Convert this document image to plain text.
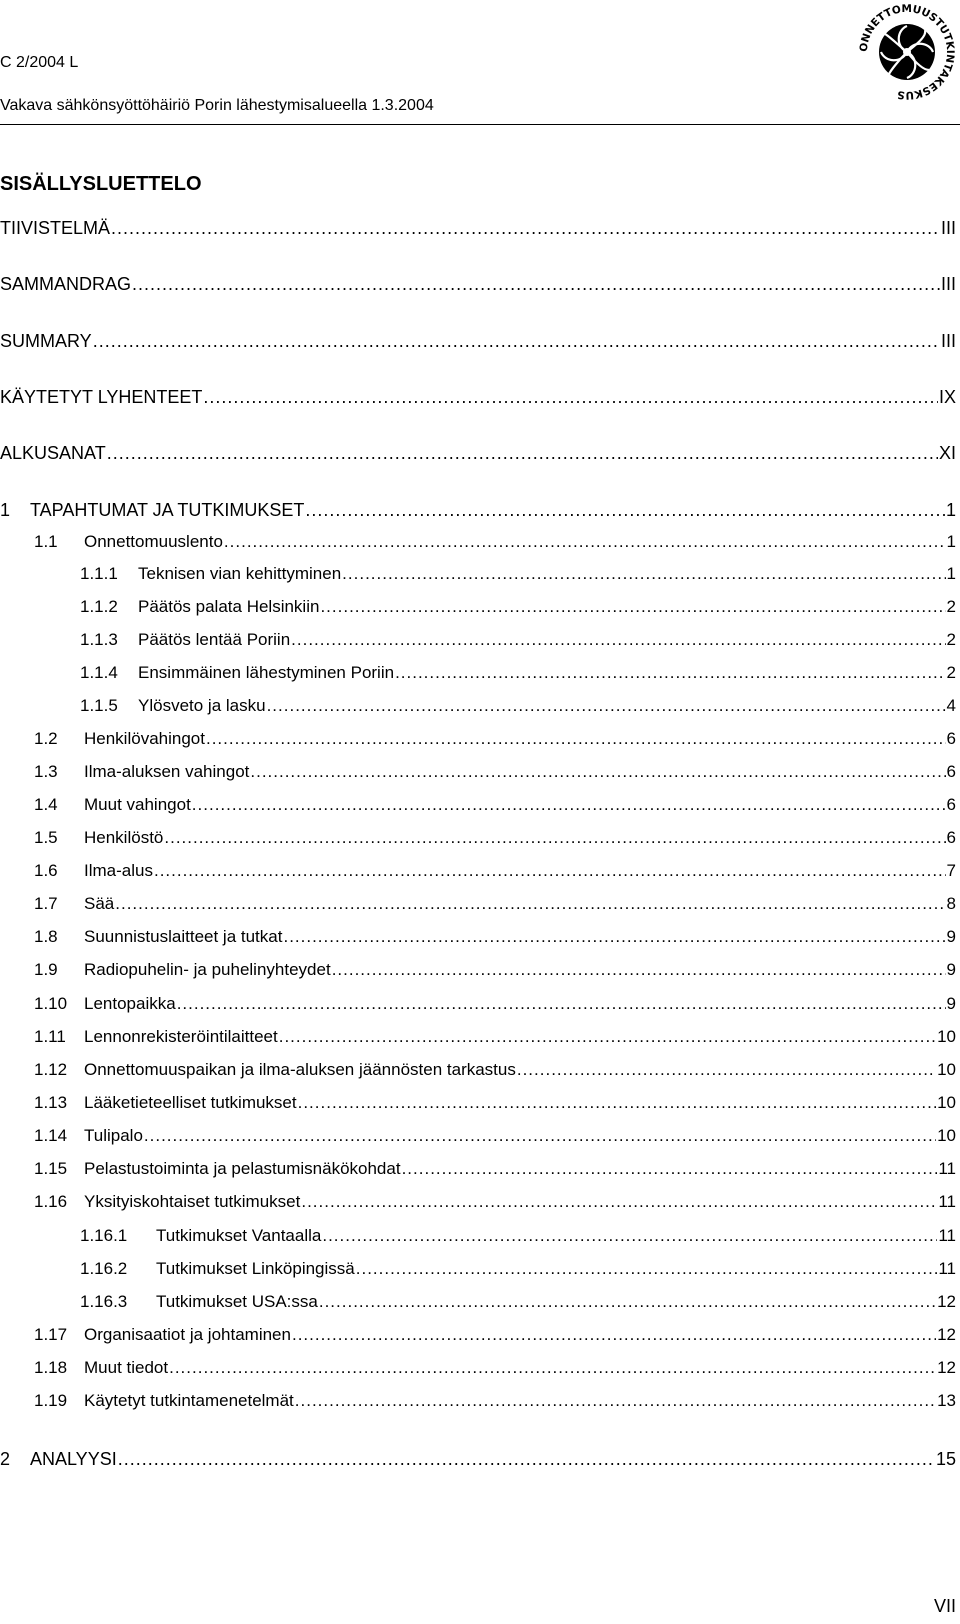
C 2/2004 L
Vakava sähkönsyöttöhäiriö Porin lähestymisalueella 1.3.2004
ONNETTOMUUSTUTKINTAKESKUS
SISÄLLYSLUETTELO
TIIVISTELMÄ .....	III
SAMMANDRAG .....	III
SUMMARY .....	III
KÄYTETYT LYHENTEET .....	IX
ALKUSANAT .....	XI
1	TAPAHTUMAT JA TUTKIMUKSET .....	1
1.1	Onnettomuuslento .....	1
1.1.1	Teknisen vian kehittyminen .....	1
1.1.2	Päätös palata Helsinkiin .....	2
1.1.3	Päätös lentää Poriin .....	2
1.1.4	Ensimmäinen lähestyminen Poriin .....	2
1.1.5	Ylösveto ja lasku .....	4
1.2	Henkilövahingot .....	6
1.3	Ilma-aluksen vahingot .....	6
1.4	Muut vahingot .....	6
1.5	Henkilöstö .....	6
1.6	Ilma-alus .....	7
1.7	Sää .....	8
1.8	Suunnistuslaitteet ja tutkat .....	9
1.9	Radiopuhelin- ja puhelinyhteydet .....	9
1.10 Lentopaikka .....	9
1.11	Lennonrekisteröintilaitteet .....	10
1.12 Onnettomuuspaikan ja ilma-aluksen jäännösten tarkastus .....	10
1.13 Lääketieteelliset tutkimukset .....	10
1.14 Tulipalo .....	10
1.15 Pelastustoiminta ja pelastumisnäkökohdat .....	11
1.16 Yksityiskohtaiset tutkimukset .....	11
1.16.1	Tutkimukset Vantaalla .....	11
1.16.2	Tutkimukset Linköpingissä .....	11
1.16.3	Tutkimukset USA:ssa .....	12
1.17 Organisaatiot ja johtaminen .....	12
1.18 Muut tiedot .....	12
1.19 Käytetyt tutkintamenetelmät .....	13
2	ANALYYSI .....	15
VII
